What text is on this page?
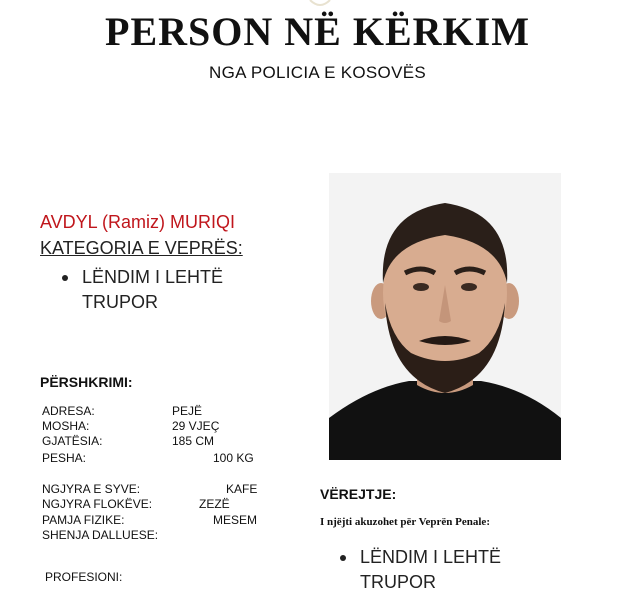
PERSON NË KËRKIM
NGA POLICIA E KOSOVËS
AVDYL (Ramiz) MURIQI
KATEGORIA E VEPRËS:
LËNDIM I LEHTË TRUPOR
PËRSHKRIMI:
ADRESA:	PEJË
MOSHA:	29 VJEÇ
GJATËSIA:	185 CM
PESHA:	100 KG
NGJYRA E SYVE:	KAFE
NGJYRA FLOKËVE:	ZEZË
PAMJA FIZIKE:	MESEM
SHENJA DALLUESE:
PROFESIONI:
VËREJTJE:
I njëjti akuzohet për Veprën Penale:
LËNDIM I LEHTË TRUPOR
